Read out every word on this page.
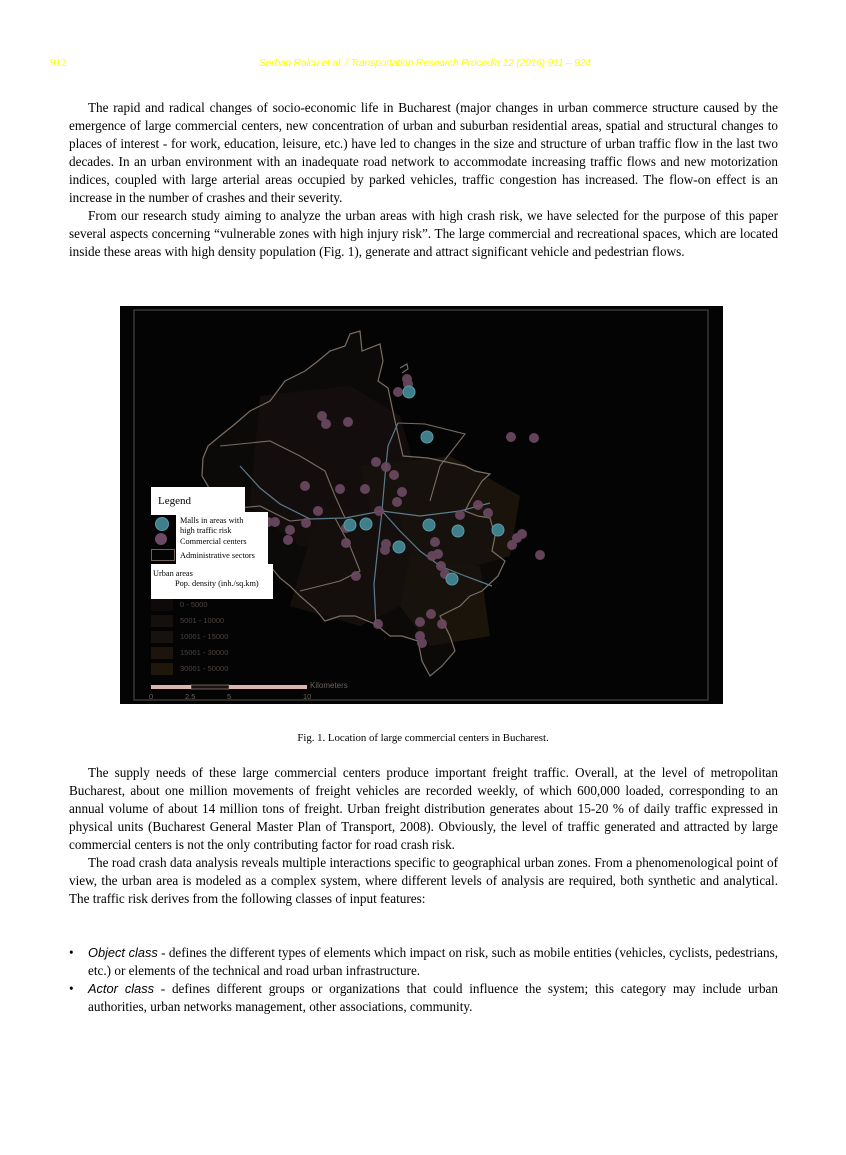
912	Serban Raicu et al. / Transportation Research Procedia 12 (2016) 911 – 924

The rapid and radical changes of socio-economic life in Bucharest (major changes in urban commerce structure caused by the emergence of large commercial centers, new concentration of urban and suburban residential areas, spatial and structural changes to places of interest - for work, education, leisure, etc.) have led to changes in the size and structure of urban traffic flow in the last two decades. In an urban environment with an inadequate road network to accommodate increasing traffic flows and new motorization indices, coupled with large arterial areas occupied by parked vehicles, traffic congestion has increased. The flow-on effect is an increase in the number of crashes and their severity.

From our research study aiming to analyze the urban areas with high crash risk, we have selected for the purpose of this paper several aspects concerning “vulnerable zones with high injury risk”. The large commercial and recreational spaces, which are located inside these areas with high density population (Fig. 1), generate and attract significant vehicle and pedestrian flows.

Legend
Malls in areas with
high traffic risk
Commercial centers
Administrative sectors
Urban areas
Pop. density (inh./sq.km)
0 - 5000
5001 - 10000
10001 - 15000
15001 - 30000
30001 - 50000
Kilometers
0	2.5	5	10
Fig. 1. Location of large commercial centers in Bucharest.

The supply needs of these large commercial centers produce important freight traffic. Overall, at the level of metropolitan Bucharest, about one million movements of freight vehicles are recorded weekly, of which 600,000 loaded, corresponding to an annual volume of about 14 million tons of freight. Urban freight distribution generates about 15-20 % of daily traffic expressed in physical units (Bucharest General Master Plan of Transport, 2008). Obviously, the level of traffic generated and attracted by large commercial centers is not the only contributing factor for road crash risk.

The road crash data analysis reveals multiple interactions specific to geographical urban zones. From a phenomenological point of view, the urban area is modeled as a complex system, where different levels of analysis are required, both synthetic and analytical. The traffic risk derives from the following classes of input features:

• Object class - defines the different types of elements which impact on risk, such as mobile entities (vehicles, cyclists, pedestrians, etc.) or elements of the technical and road urban infrastructure.
• Actor class - defines different groups or organizations that could influence the system; this category may include urban authorities, urban networks management, other associations, community.
